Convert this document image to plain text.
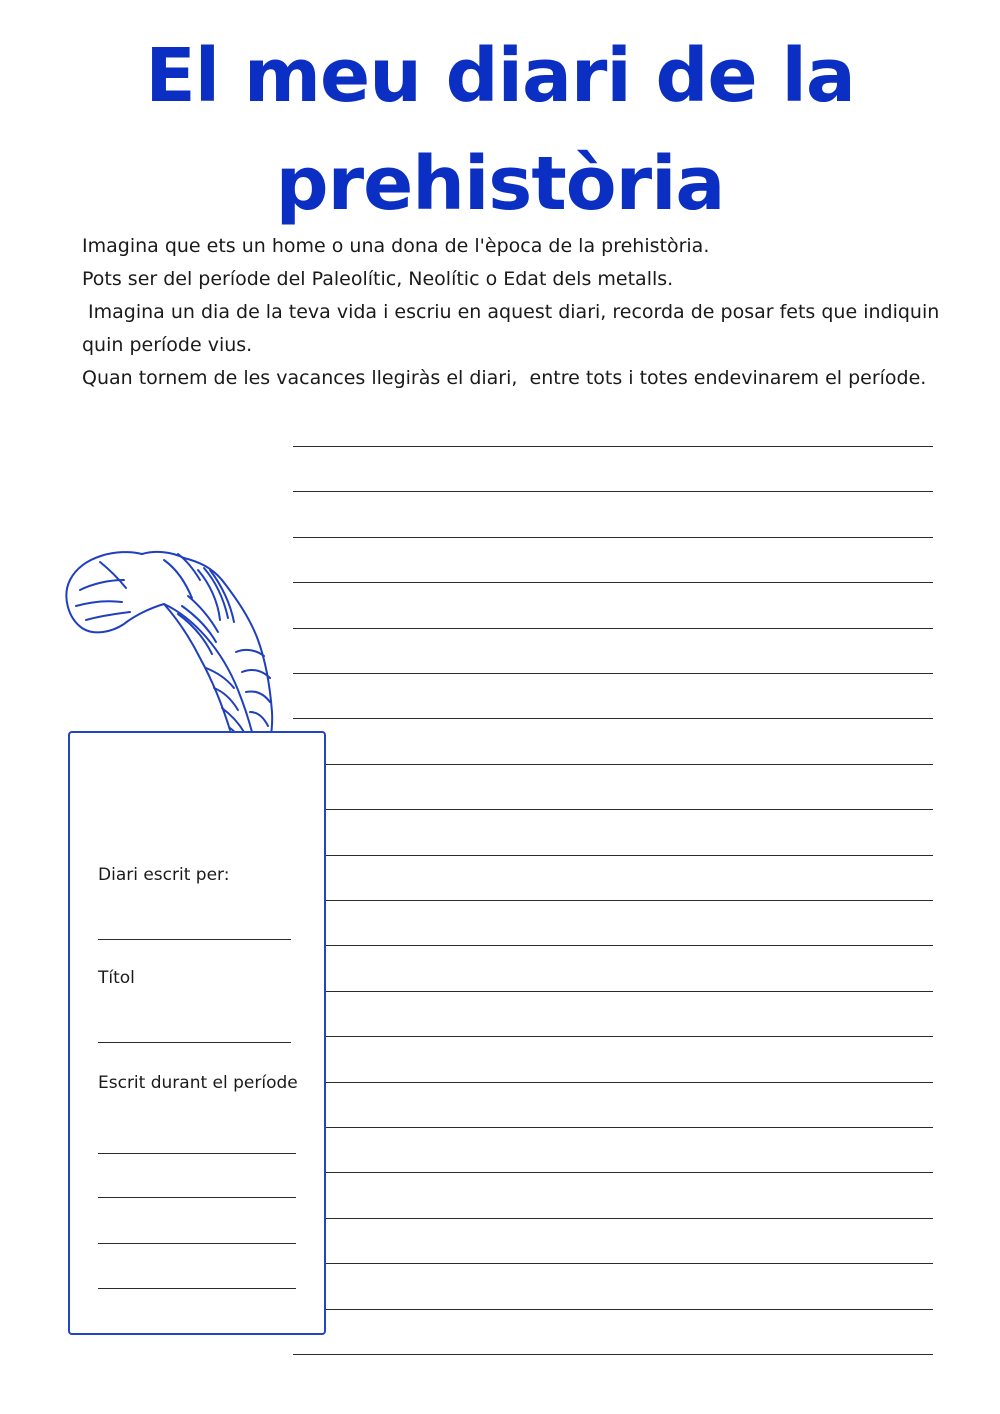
El meu diari de la
prehistòria

Imagina que ets un home o una dona de l'època de la prehistòria.

Pots ser del període del Paleolític, Neolític o Edat dels metalls.

Imagina un dia de la teva vida i escriu en aquest diari, recorda de posar fets que indiquin quin període vius.

Quan tornem de les vacances llegiràs el diari,  entre tots i totes endevinarem el període.

Diari escrit per:
Títol
Escrit durant el període
